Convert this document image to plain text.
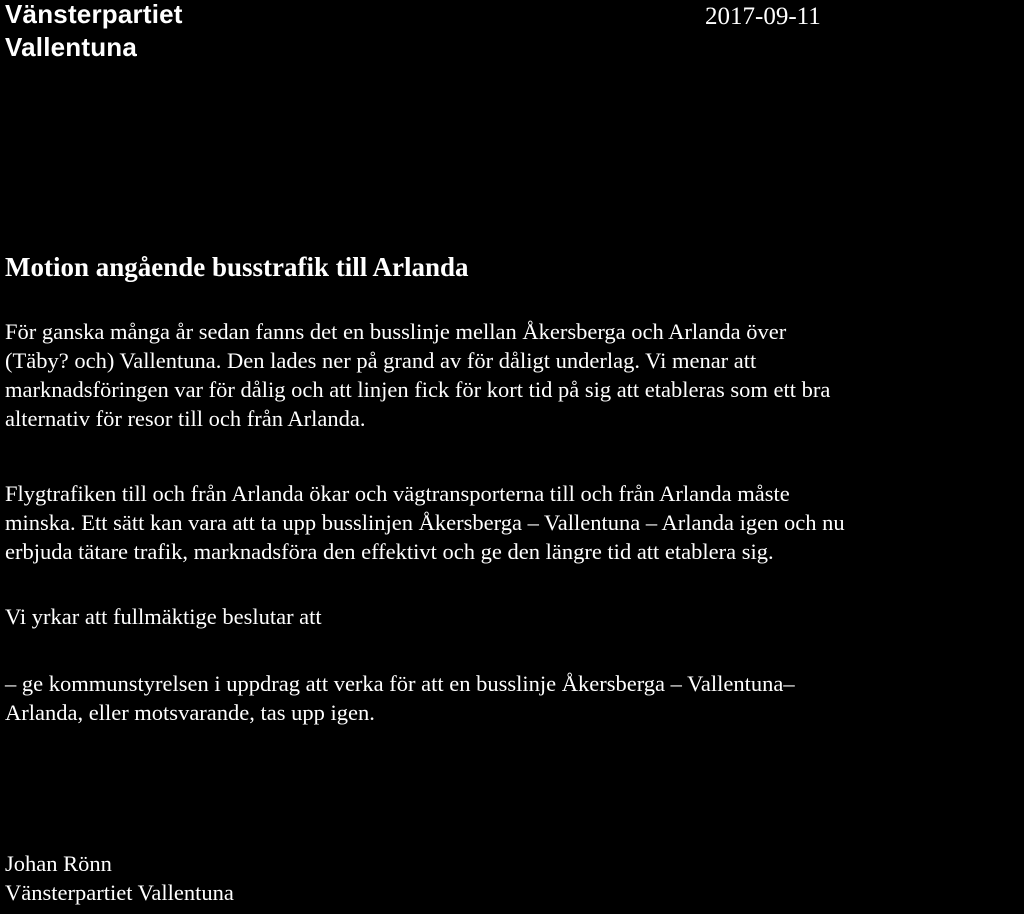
Vänsterpartiet
Vallentuna
2017-09-11
Motion angående busstrafik till Arlanda
För ganska många år sedan fanns det en busslinje mellan Åkersberga och Arlanda över
(Täby? och) Vallentuna. Den lades ner på grand av för dåligt underlag. Vi menar att
marknadsföringen var för dålig och att linjen fick för kort tid på sig att etableras som ett bra
alternativ för resor till och från Arlanda.
Flygtrafiken till och från Arlanda ökar och vägtransporterna till och från Arlanda måste
minska. Ett sätt kan vara att ta upp busslinjen Åkersberga – Vallentuna – Arlanda igen och nu
erbjuda tätare trafik, marknadsföra den effektivt och ge den längre tid att etablera sig.
Vi yrkar att fullmäktige beslutar att
– ge kommunstyrelsen i uppdrag att verka för att en busslinje Åkersberga – Vallentuna–
Arlanda, eller motsvarande, tas upp igen.
Johan Rönn
Vänsterpartiet Vallentuna
